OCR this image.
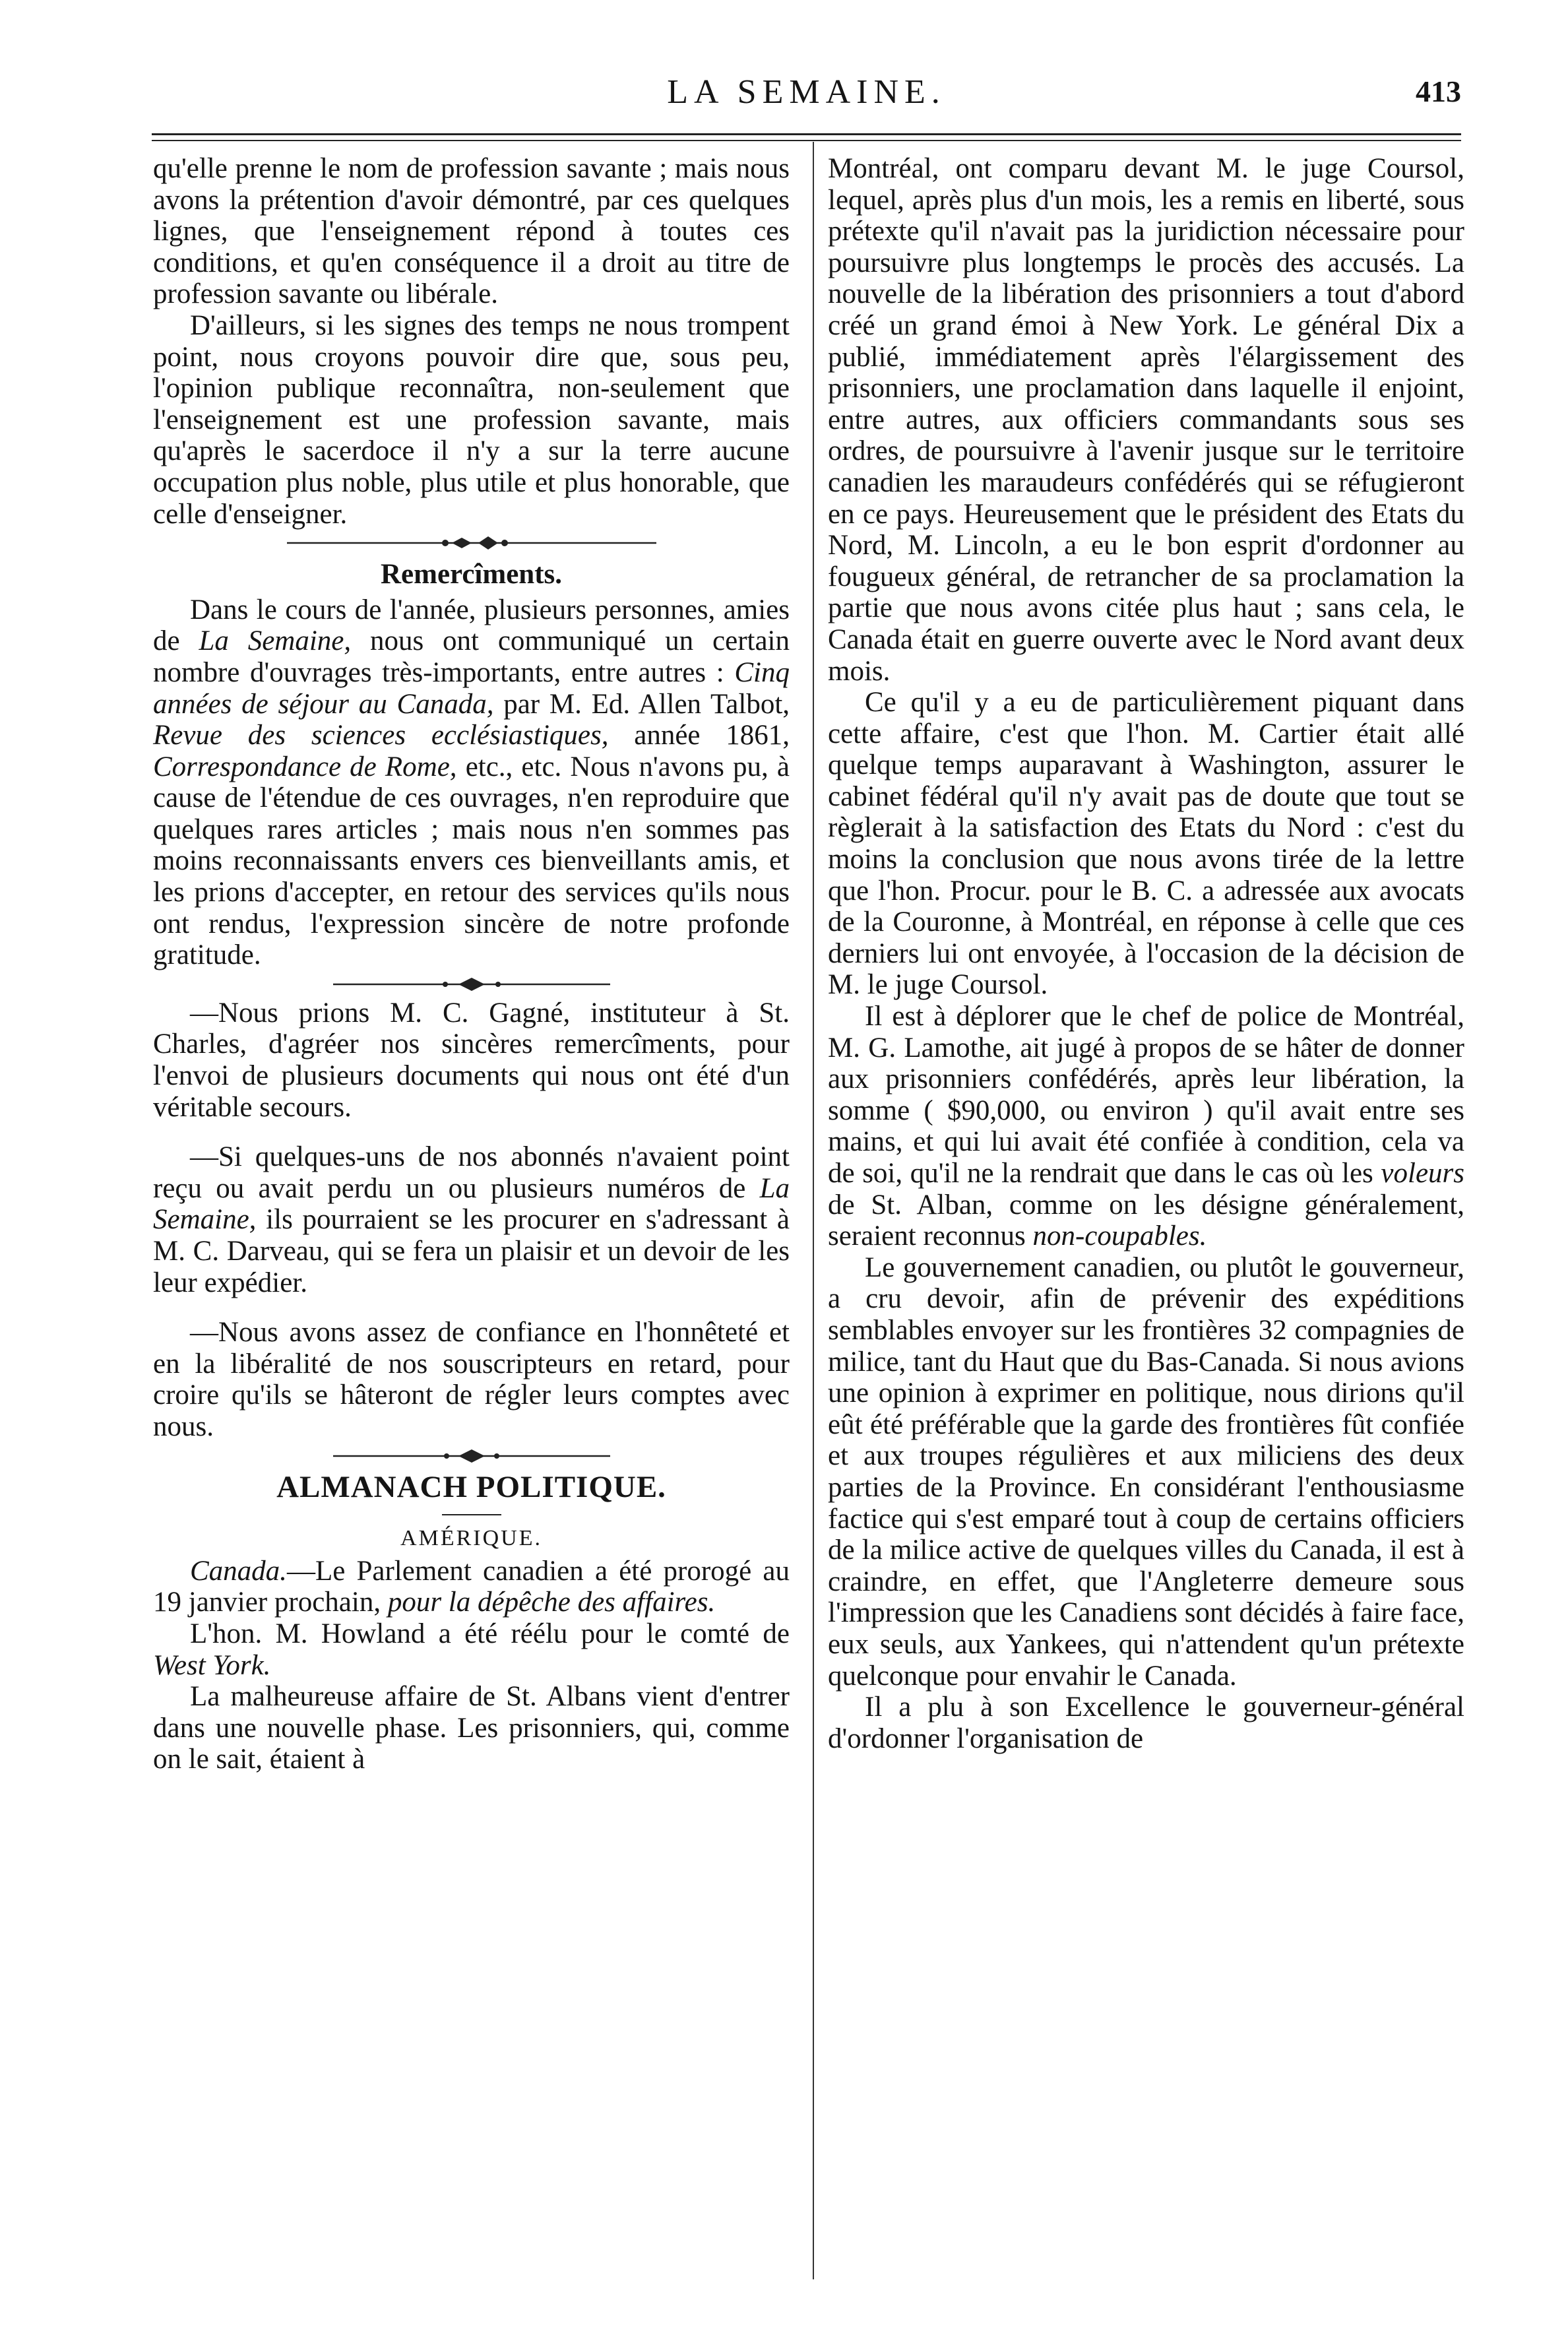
LA SEMAINE.	413

qu'elle prenne le nom de profession savante ; mais nous avons la prétention d'avoir démontré, par ces quelques lignes, que l'enseignement répond à toutes ces conditions, et qu'en conséquence il a droit au titre de profession savante ou libérale.

D'ailleurs, si les signes des temps ne nous trompent point, nous croyons pouvoir dire que, sous peu, l'opinion publique reconnaîtra, non-seulement que l'enseignement est une profession savante, mais qu'après le sacerdoce il n'y a sur la terre aucune occupation plus noble, plus utile et plus honorable, que celle d'enseigner.

Remercîments.

Dans le cours de l'année, plusieurs personnes, amies de La Semaine, nous ont communiqué un certain nombre d'ouvrages très-importants, entre autres : Cinq années de séjour au Canada, par M. Ed. Allen Talbot, Revue des sciences ecclésiastiques, année 1861, Correspondance de Rome, etc., etc. Nous n'avons pu, à cause de l'étendue de ces ouvrages, n'en reproduire que quelques rares articles ; mais nous n'en sommes pas moins reconnaissants envers ces bienveillants amis, et les prions d'accepter, en retour des services qu'ils nous ont rendus, l'expression sincère de notre profonde gratitude.

—Nous prions M. C. Gagné, instituteur à St. Charles, d'agréer nos sincères remercîments, pour l'envoi de plusieurs documents qui nous ont été d'un véritable secours.

—Si quelques-uns de nos abonnés n'avaient point reçu ou avait perdu un ou plusieurs numéros de La Semaine, ils pourraient se les procurer en s'adressant à M. C. Darveau, qui se fera un plaisir et un devoir de les leur expédier.

—Nous avons assez de confiance en l'honnêteté et en la libéralité de nos souscripteurs en retard, pour croire qu'ils se hâteront de régler leurs comptes avec nous.

ALMANACH POLITIQUE.
AMÉRIQUE.

Canada.—Le Parlement canadien a été prorogé au 19 janvier prochain, pour la dépêche des affaires.

L'hon. M. Howland a été réélu pour le comté de West York.

La malheureuse affaire de St. Albans vient d'entrer dans une nouvelle phase. Les prisonniers, qui, comme on le sait, étaient à

Montréal, ont comparu devant M. le juge Coursol, lequel, après plus d'un mois, les a remis en liberté, sous prétexte qu'il n'avait pas la juridiction nécessaire pour poursuivre plus longtemps le procès des accusés. La nouvelle de la libération des prisonniers a tout d'abord créé un grand émoi à New York. Le général Dix a publié, immédiatement après l'élargissement des prisonniers, une proclamation dans laquelle il enjoint, entre autres, aux officiers commandants sous ses ordres, de poursuivre à l'avenir jusque sur le territoire canadien les maraudeurs confédérés qui se réfugieront en ce pays. Heureusement que le président des Etats du Nord, M. Lincoln, a eu le bon esprit d'ordonner au fougueux général, de retrancher de sa proclamation la partie que nous avons citée plus haut ; sans cela, le Canada était en guerre ouverte avec le Nord avant deux mois.

Ce qu'il y a eu de particulièrement piquant dans cette affaire, c'est que l'hon. M. Cartier était allé quelque temps auparavant à Washington, assurer le cabinet fédéral qu'il n'y avait pas de doute que tout se règlerait à la satisfaction des Etats du Nord : c'est du moins la conclusion que nous avons tirée de la lettre que l'hon. Procur. pour le B. C. a adressée aux avocats de la Couronne, à Montréal, en réponse à celle que ces derniers lui ont envoyée, à l'occasion de la décision de M. le juge Coursol.

Il est à déplorer que le chef de police de Montréal, M. G. Lamothe, ait jugé à propos de se hâter de donner aux prisonniers confédérés, après leur libération, la somme ( $90,000, ou environ ) qu'il avait entre ses mains, et qui lui avait été confiée à condition, cela va de soi, qu'il ne la rendrait que dans le cas où les voleurs de St. Alban, comme on les désigne généralement, seraient reconnus non-coupables.

Le gouvernement canadien, ou plutôt le gouverneur, a cru devoir, afin de prévenir des expéditions semblables envoyer sur les frontières 32 compagnies de milice, tant du Haut que du Bas-Canada. Si nous avions une opinion à exprimer en politique, nous dirions qu'il eût été préférable que la garde des frontières fût confiée et aux troupes régulières et aux miliciens des deux parties de la Province. En considérant l'enthousiasme factice qui s'est emparé tout à coup de certains officiers de la milice active de quelques villes du Canada, il est à craindre, en effet, que l'Angleterre demeure sous l'impression que les Canadiens sont décidés à faire face, eux seuls, aux Yankees, qui n'attendent qu'un prétexte quelconque pour envahir le Canada.

Il a plu à son Excellence le gouverneur-général d'ordonner l'organisation de
